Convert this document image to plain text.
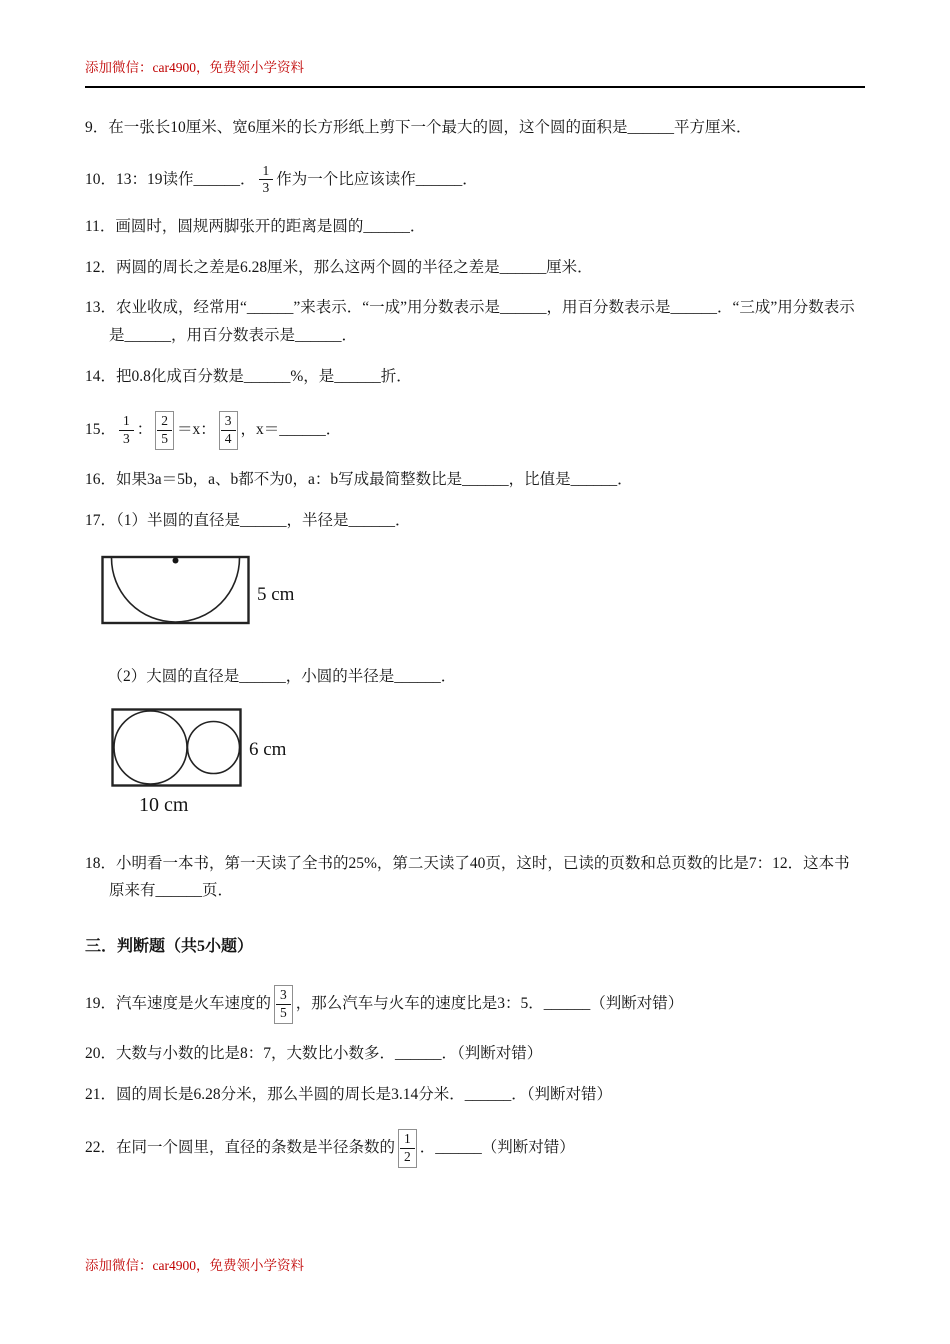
添加微信：car4900，免费领小学资料
9．在一张长10厘米、宽6厘米的长方形纸上剪下一个最大的圆，这个圆的面积是______平方厘米．
10．13：19读作______． $\frac{1}{3}$ 作为一个比应该读作______．
11．画圆时，圆规两脚张开的距离是圆的______．
12．两圆的周长之差是6.28厘米，那么这两个圆的半径之差是______厘米．
13．农业收成，经常用“______”来表示．“一成”用分数表示是______，用百分数表示是______．“三成”用分数表示是______，用百分数表示是______．
14．把0.8化成百分数是______%，是______折．
15． $\frac{1}{3}$ ： $\frac{2}{5} =x$： $\frac{3}{4}$ ，x＝______．
16．如果3a＝5b，a、b都不为0，a：b写成最简整数比是______，比值是______．
17．（1）半圆的直径是______，半径是______．
5 cm
（2）大圆的直径是______，小圆的半径是______．
6 cm
10 cm
18．小明看一本书，第一天读了全书的25%，第二天读了40页，这时，已读的页数和总页数的比是7：12．这本书原来有______页．
三．判断题（共5小题）
19．汽车速度是火车速度的 $\frac{3}{5}$ ，那么汽车与火车的速度比是3：5．______（判断对错）
20．大数与小数的比是8：7，大数比小数多．______．（判断对错）
21．圆的周长是6.28分米，那么半圆的周长是3.14分米．______．（判断对错）
22．在同一个圆里，直径的条数是半径条数的 $\frac{1}{2}$ ．______（判断对错）
添加微信：car4900，免费领小学资料
